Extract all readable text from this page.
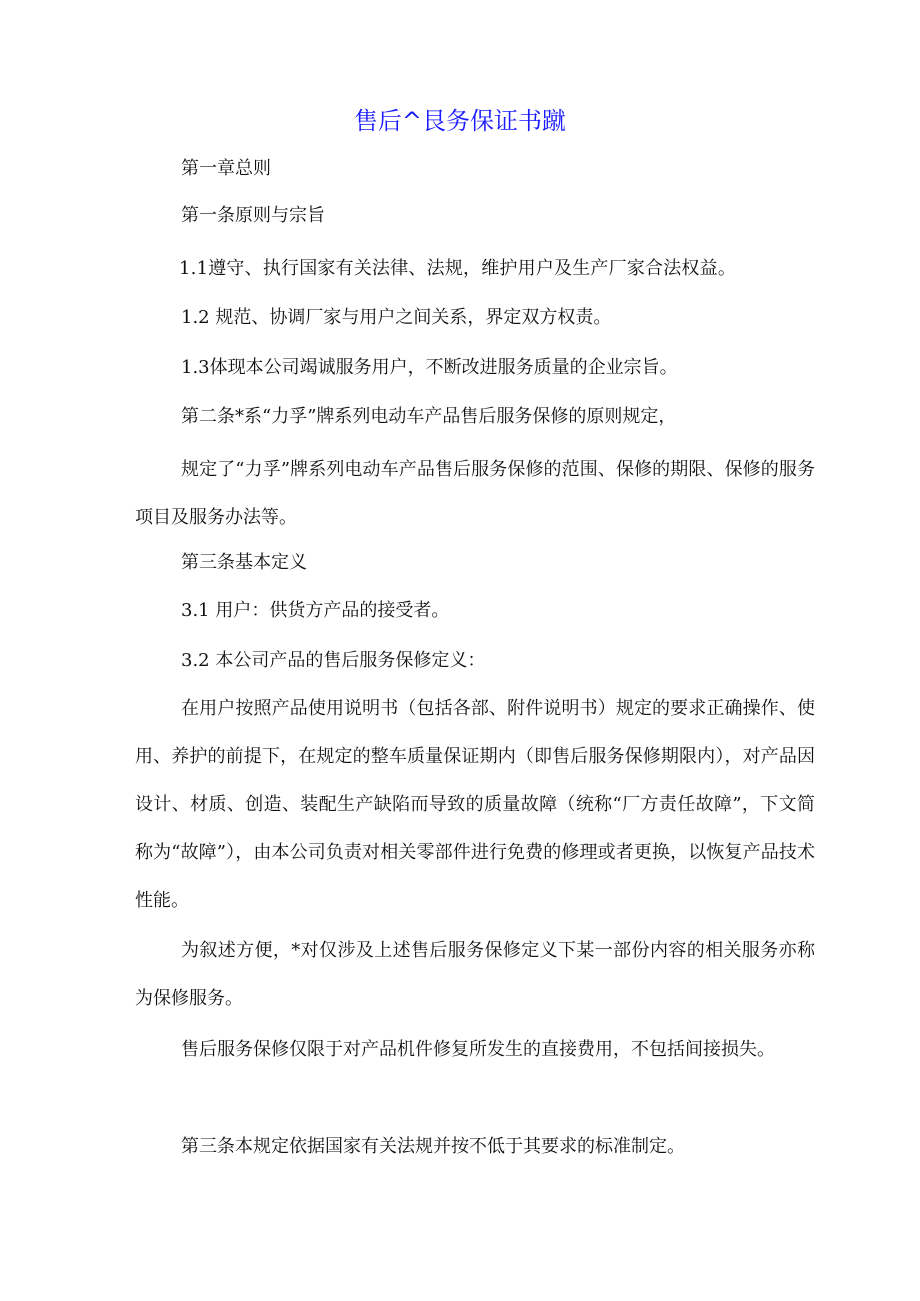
售后^艮务保证书蹴

第一章总则

第一条原则与宗旨

1.1遵守、执行国家有关法律、法规，维护用户及生产厂家合法权益。

1.2 规范、协调厂家与用户之间关系，界定双方权责。

1.3体现本公司竭诚服务用户，不断改进服务质量的企业宗旨。

第二条*系“力孚”牌系列电动车产品售后服务保修的原则规定，

规定了“力孚”牌系列电动车产品售后服务保修的范围、保修的期限、保修的服务项目及服务办法等。

第三条基本定义

3.1 用户：供货方产品的接受者。

3.2 本公司产品的售后服务保修定义：

在用户按照产品使用说明书（包括各部、附件说明书）规定的要求正确操作、使用、养护的前提下，在规定的整车质量保证期内（即售后服务保修期限内），对产品因设计、材质、创造、装配生产缺陷而导致的质量故障（统称“厂方责任故障”，下文简称为“故障”），由本公司负责对相关零部件进行免费的修理或者更换，以恢复产品技术性能。

为叙述方便，*对仅涉及上述售后服务保修定义下某一部份内容的相关服务亦称为保修服务。

售后服务保修仅限于对产品机件修复所发生的直接费用，不包括间接损失。

第三条本规定依据国家有关法规并按不低于其要求的标准制定。
